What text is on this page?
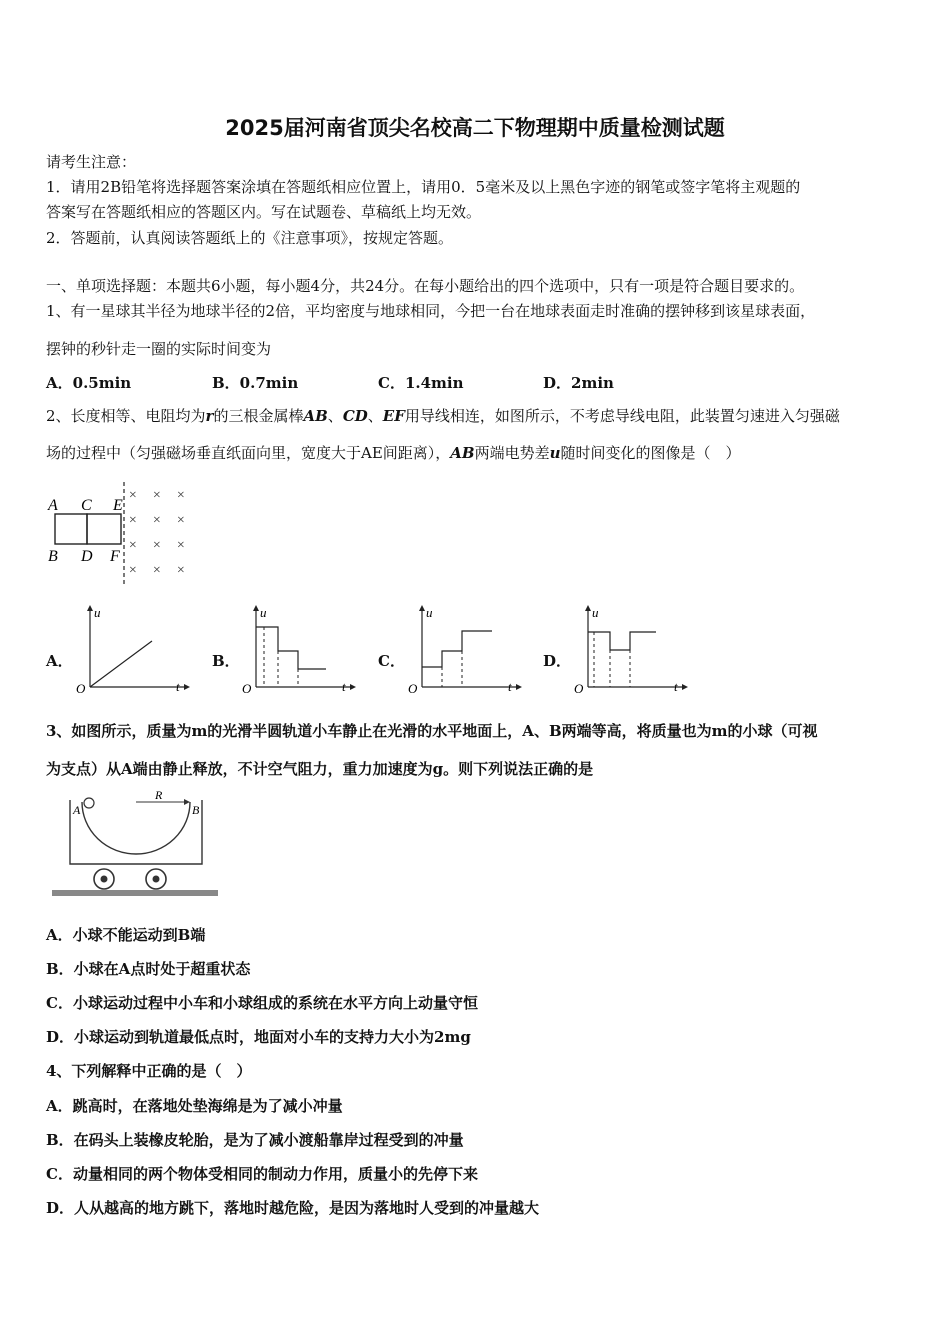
2025届河南省顶尖名校高二下物理期中质量检测试题
请考生注意：
1．请用2B铅笔将选择题答案涂填在答题纸相应位置上，请用0．5毫米及以上黑色字迹的钢笔或签字笔将主观题的
答案写在答题纸相应的答题区内。写在试题卷、草稿纸上均无效。
2．答题前，认真阅读答题纸上的《注意事项》，按规定答题。
一、单项选择题：本题共6小题，每小题4分，共24分。在每小题给出的四个选项中，只有一项是符合题目要求的。
1、有一星球其半径为地球半径的2倍，平均密度与地球相同，今把一台在地球表面走时准确的摆钟移到该星球表面，
摆钟的秒针走一圈的实际时间变为
A．0.5min	B．0.7min	C．1.4min	D．2min
2、长度相等、电阻均为r的三根金属棒AB、CD、EF用导线相连，如图所示，不考虑导线电阻，此装置匀速进入匀强磁
场的过程中（匀强磁场垂直纸面向里，宽度大于AE间距离），AB两端电势差u随时间变化的图像是（　）
A C E
B D F
× × ×
× × ×
× × ×
× × ×
A．	B．	C．	D．
u
t
O
u
t
O
u
t
O
u
t
O
3、如图所示，质量为m的光滑半圆轨道小车静止在光滑的水平地面上，A、B两端等高，将质量也为m的小球（可视
为支点）从A端由静止释放，不计空气阻力，重力加速度为g。则下列说法正确的是
A	B
R
A．小球不能运动到B端
B．小球在A点时处于超重状态
C．小球运动过程中小车和小球组成的系统在水平方向上动量守恒
D．小球运动到轨道最低点时，地面对小车的支持力大小为2mg
4、下列解释中正确的是（　）
A．跳高时，在落地处垫海绵是为了减小冲量
B．在码头上装橡皮轮胎，是为了减小渡船靠岸过程受到的冲量
C．动量相同的两个物体受相同的制动力作用，质量小的先停下来
D．人从越高的地方跳下，落地时越危险，是因为落地时人受到的冲量越大
